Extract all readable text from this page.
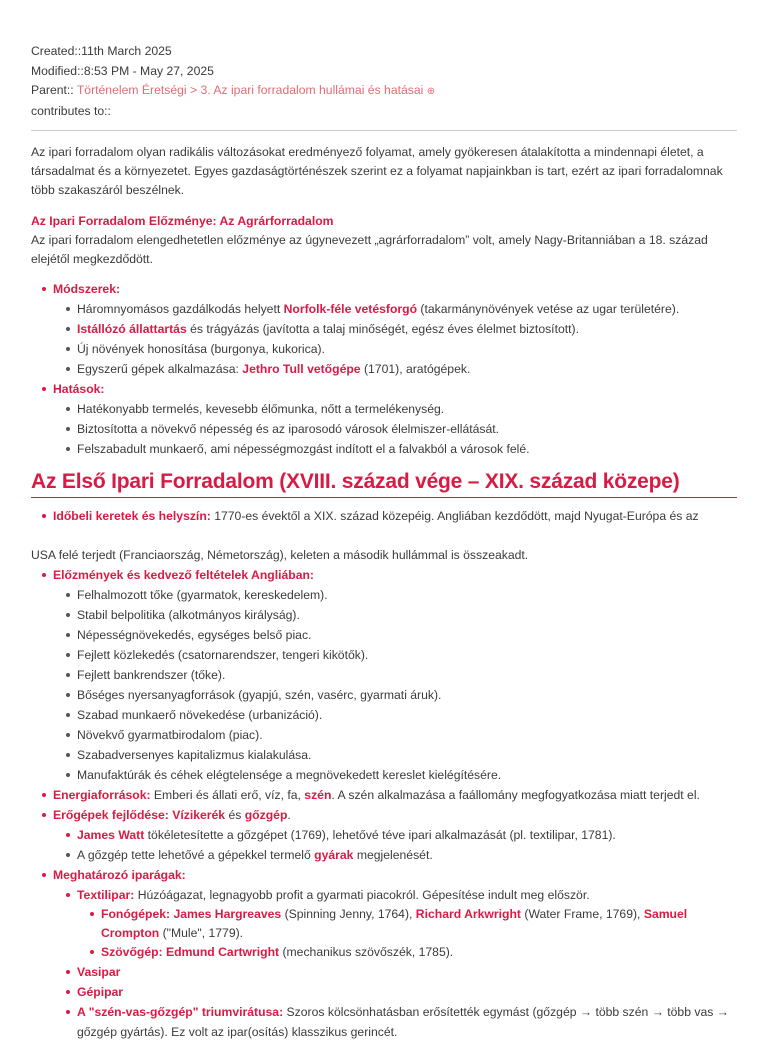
Created::11th March 2025
Modified::8:53 PM - May 27, 2025
Parent:: Történelem Éretségi > 3. Az ipari forradalom hullámai és hatásai ⊕
contributes to::

Az ipari forradalom olyan radikális változásokat eredményező folyamat, amely gyökeresen átalakította a mindennapi életet, a társadalmat és a környezetet. Egyes gazdaságtörténészek szerint ez a folyamat napjainkban is tart, ezért az ipari forradalomnak több szakaszáról beszélnek.

Az Ipari Forradalom Előzménye: Az Agrárforradalom

Az ipari forradalom elengedhetetlen előzménye az úgynevezett „agrárforradalom” volt, amely Nagy-Britanniában a 18. század elejétől megkezdődött.

Módszerek:
Háromnyomásos gazdálkodás helyett Norfolk-féle vetésforgó (takarmánynövények vetése az ugar területére).
Istállózó állattartás és trágyázás (javította a talaj minőségét, egész éves élelmet biztosított).
Új növények honosítása (burgonya, kukorica).
Egyszerű gépek alkalmazása: Jethro Tull vetőgépe (1701), aratógépek.
Hatások:
Hatékonyabb termelés, kevesebb élőmunka, nőtt a termelékenység.
Biztosította a növekvő népesség és az iparosodó városok élelmiszer-ellátását.
Felszabadult munkaerő, ami népességmozgást indított el a falvakból a városok felé.
Az Első Ipari Forradalom (XVIII. század vége – XIX. század közepe)
Időbeli keretek és helyszín: 1770-es évektől a XIX. század közepéig. Angliában kezdődött, majd Nyugat-Európa és az
USA felé terjedt (Franciaország, Németország), keleten a második hullámmal is összeakadt.
Előzmények és kedvező feltételek Angliában:
Felhalmozott tőke (gyarmatok, kereskedelem).
Stabil belpolitika (alkotmányos királyság).
Népességnövekedés, egységes belső piac.
Fejlett közlekedés (csatornarendszer, tengeri kikötők).
Fejlett bankrendszer (tőke).
Bőséges nyersanyagforrások (gyapjú, szén, vasérc, gyarmati áruk).
Szabad munkaerő növekedése (urbanizáció).
Növekvő gyarmatbirodalom (piac).
Szabadversenyes kapitalizmus kialakulása.
Manufaktúrák és céhek elégtelensége a megnövekedett kereslet kielégítésére.
Energiaforrások: Emberi és állati erő, víz, fa, szén. A szén alkalmazása a faállomány megfogyatkozása miatt terjedt el.
Erőgépek fejlődése: Vízikerék és gőzgép.
James Watt tökéletesítette a gőzgépet (1769), lehetővé téve ipari alkalmazását (pl. textilipar, 1781).
A gőzgép tette lehetővé a gépekkel termelő gyárak megjelenését.
Meghatározó iparágak:
Textilipar: Húzóágazat, legnagyobb profit a gyarmati piacokról. Gépesítése indult meg először.
Fonógépek: James Hargreaves (Spinning Jenny, 1764), Richard Arkwright (Water Frame, 1769), Samuel Crompton ("Mule", 1779).
Szövőgép: Edmund Cartwright (mechanikus szövőszék, 1785).
Vasipar
Gépipar
A "szén-vas-gőzgép" triumvirátusa: Szoros kölcsönhatásban erősítették egymást (gőzgép → több szén → több vas → gőzgép gyártás). Ez volt az ipar(osítás) klasszikus gerincét.
